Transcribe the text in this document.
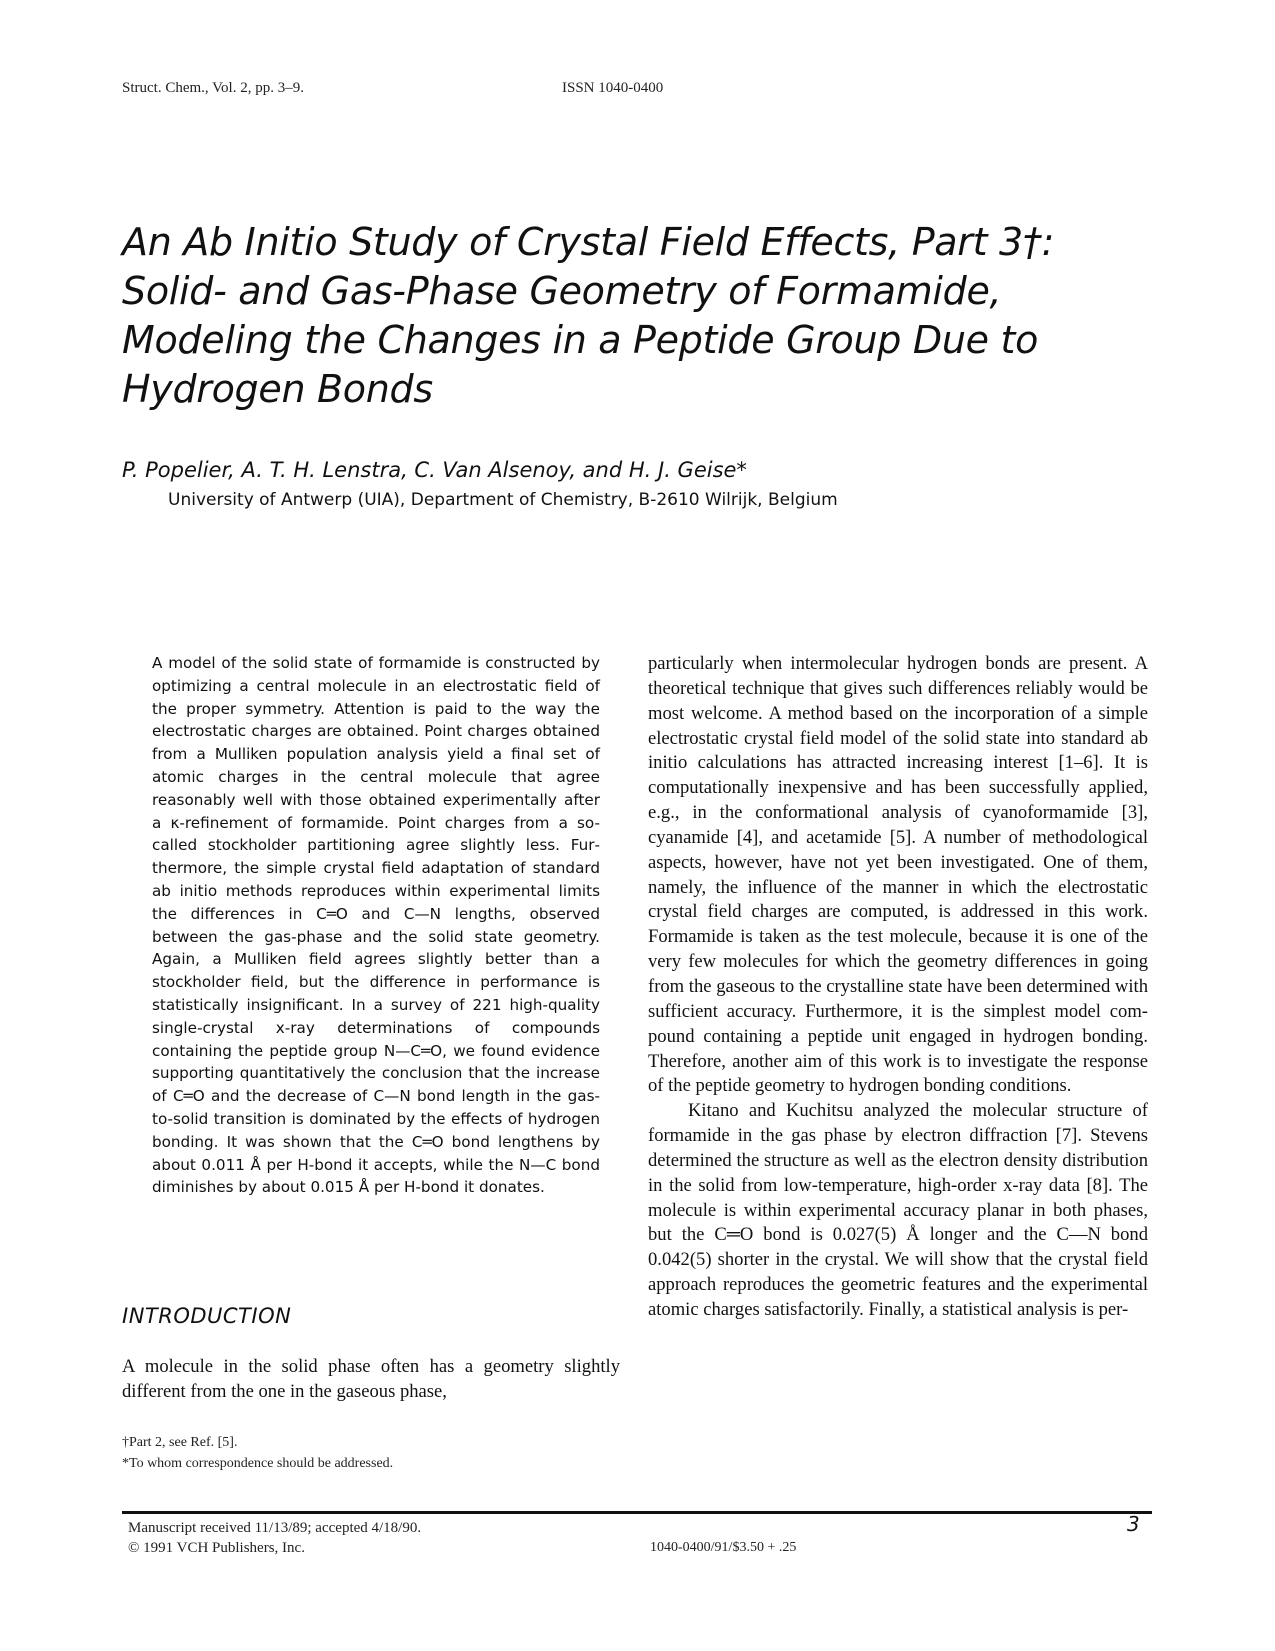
Struct. Chem., Vol. 2, pp. 3–9.	ISSN 1040-0400
An Ab Initio Study of Crystal Field Effects, Part 3†:
Solid- and Gas-Phase Geometry of Formamide,
Modeling the Changes in a Peptide Group Due to
Hydrogen Bonds
P. Popelier, A. T. H. Lenstra, C. Van Alsenoy, and H. J. Geise*
University of Antwerp (UIA), Department of Chemistry, B-2610 Wilrijk, Belgium

A model of the solid state of formamide is constructed by optimizing a central molecule in an electrostatic field of the proper symmetry. Attention is paid to the way the electrostatic charges are obtained. Point charges obtained from a Mulliken population analysis yield a final set of atomic charges in the central molecule that agree reasonably well with those obtained experimentally after a κ-refinement of formamide. Point charges from a so-called stockholder partitioning agree slightly less. Furthermore, the simple crystal field adaptation of standard ab initio methods reproduces within experimental limits the differences in C═O and C—N lengths, observed between the gas-phase and the solid state geometry. Again, a Mulliken field agrees slightly better than a stockholder field, but the difference in performance is statistically insignificant. In a survey of 221 high-quality single-crystal x-ray determinations of compounds containing the peptide group N—C═O, we found evidence supporting quantitatively the conclusion that the increase of C═O and the decrease of C—N bond length in the gas-to-solid transition is dominated by the effects of hydrogen bonding. It was shown that the C═O bond lengthens by about 0.011 Å per H-bond it accepts, while the N—C bond diminishes by about 0.015 Å per H-bond it donates.

INTRODUCTION

A molecule in the solid phase often has a geometry slightly different from the one in the gaseous phase,

†Part 2, see Ref. [5].
*To whom correspondence should be addressed.

particularly when intermolecular hydrogen bonds are present. A theoretical technique that gives such differences reliably would be most welcome. A method based on the incorporation of a simple electrostatic crystal field model of the solid state into standard ab initio calculations has attracted increasing interest [1–6]. It is computationally inexpensive and has been successfully applied, e.g., in the conformational analysis of cyanoformamide [3], cyanamide [4], and acetamide [5]. A number of methodological aspects, however, have not yet been investigated. One of them, namely, the influence of the manner in which the electrostatic crystal field charges are computed, is addressed in this work. Formamide is taken as the test molecule, because it is one of the very few molecules for which the geometry differences in going from the gaseous to the crystalline state have been determined with sufficient accuracy. Furthermore, it is the simplest model compound containing a peptide unit engaged in hydrogen bonding. Therefore, another aim of this work is to investigate the response of the peptide geometry to hydrogen bonding conditions.

Kitano and Kuchitsu analyzed the molecular structure of formamide in the gas phase by electron diffraction [7]. Stevens determined the structure as well as the electron density distribution in the solid from low-temperature, high-order x-ray data [8]. The molecule is within experimental accuracy planar in both phases, but the C═O bond is 0.027(5) Å longer and the C—N bond 0.042(5) shorter in the crystal. We will show that the crystal field approach reproduces the geometric features and the experimental atomic charges satisfactorily. Finally, a statistical analysis is per-

Manuscript received 11/13/89; accepted 4/18/90.
© 1991 VCH Publishers, Inc.	1040-0400/91/$3.50 + .25
3
